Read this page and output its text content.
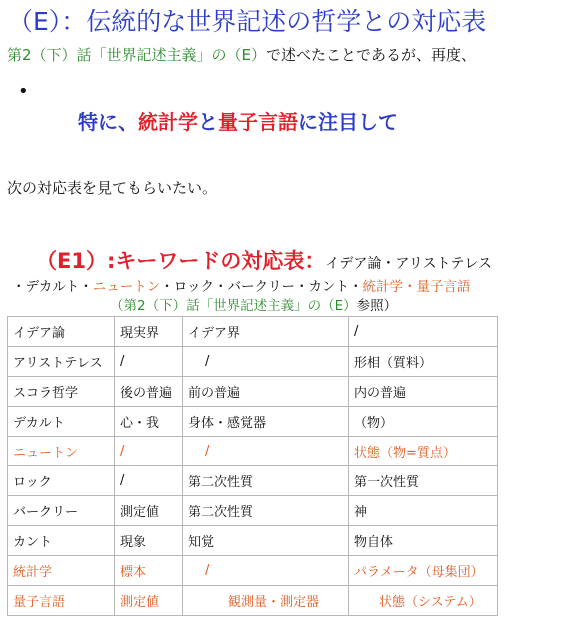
（E）：伝統的な世界記述の哲学との対応表
第2（下）話「世界記述主義」の（E）で述べたことであるが、再度、
•
特に、統計学と量子言語に注目して
次の対応表を見てもらいたい。
（E1）:キーワードの対応表：イデア論・アリストテレス
・デカルト・ニュートン・ロック・バークリー・カント・統計学・量子言語
（第2（下）話「世界記述主義」の（E）参照）
イデア論	現実界	イデア界	/
アリストテレス	/	/	形相（質料）
スコラ哲学	後の普遍	前の普遍	内の普遍
デカルト	心・我	身体・感覚器	（物）
ニュートン	/	/	状態（物=質点）
ロック	/	第二次性質	第一次性質
バークリー	測定値	第二次性質	神
カント	現象	知覚	物自体
統計学	標本	/	パラメータ（母集団）
量子言語	測定値	観測量・測定器	状態（システム）
